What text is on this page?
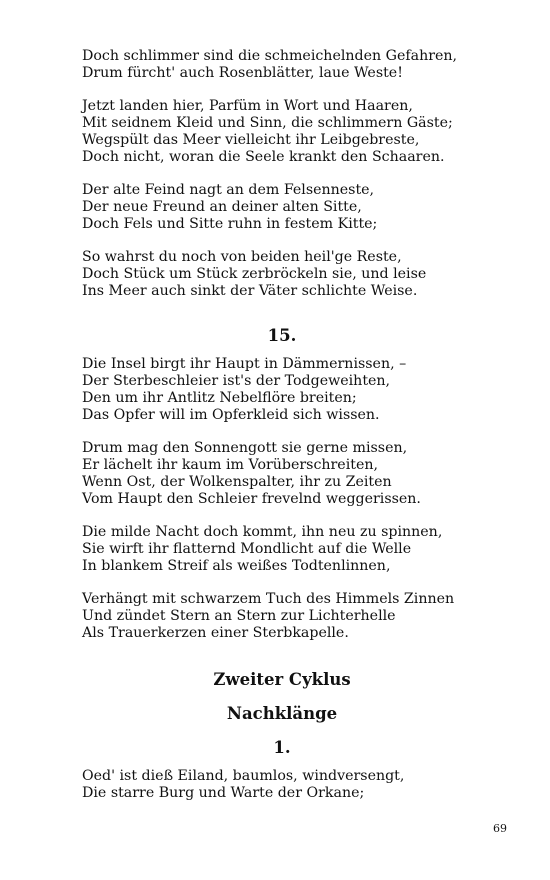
Doch schlimmer sind die schmeichelnden Gefahren,
Drum fürcht' auch Rosenblätter, laue Weste!
Jetzt landen hier, Parfüm in Wort und Haaren,
Mit seidnem Kleid und Sinn, die schlimmern Gäste;
Wegspült das Meer vielleicht ihr Leibgebreste,
Doch nicht, woran die Seele krankt den Schaaren.
Der alte Feind nagt an dem Felsenneste,
Der neue Freund an deiner alten Sitte,
Doch Fels und Sitte ruhn in festem Kitte;
So wahrst du noch von beiden heil'ge Reste,
Doch Stück um Stück zerbröckeln sie, und leise
Ins Meer auch sinkt der Väter schlichte Weise.
15.
Die Insel birgt ihr Haupt in Dämmernissen, –
Der Sterbeschleier ist's der Todgeweihten,
Den um ihr Antlitz Nebelflöre breiten;
Das Opfer will im Opferkleid sich wissen.
Drum mag den Sonnengott sie gerne missen,
Er lächelt ihr kaum im Vorüberschreiten,
Wenn Ost, der Wolkenspalter, ihr zu Zeiten
Vom Haupt den Schleier frevelnd weggerissen.
Die milde Nacht doch kommt, ihn neu zu spinnen,
Sie wirft ihr flatternd Mondlicht auf die Welle
In blankem Streif als weißes Todtenlinnen,
Verhängt mit schwarzem Tuch des Himmels Zinnen
Und zündet Stern an Stern zur Lichterhelle
Als Trauerkerzen einer Sterbkapelle.
Zweiter Cyklus
Nachklänge
1.
Oed' ist dieß Eiland, baumlos, windversengt,
Die starre Burg und Warte der Orkane;
69
